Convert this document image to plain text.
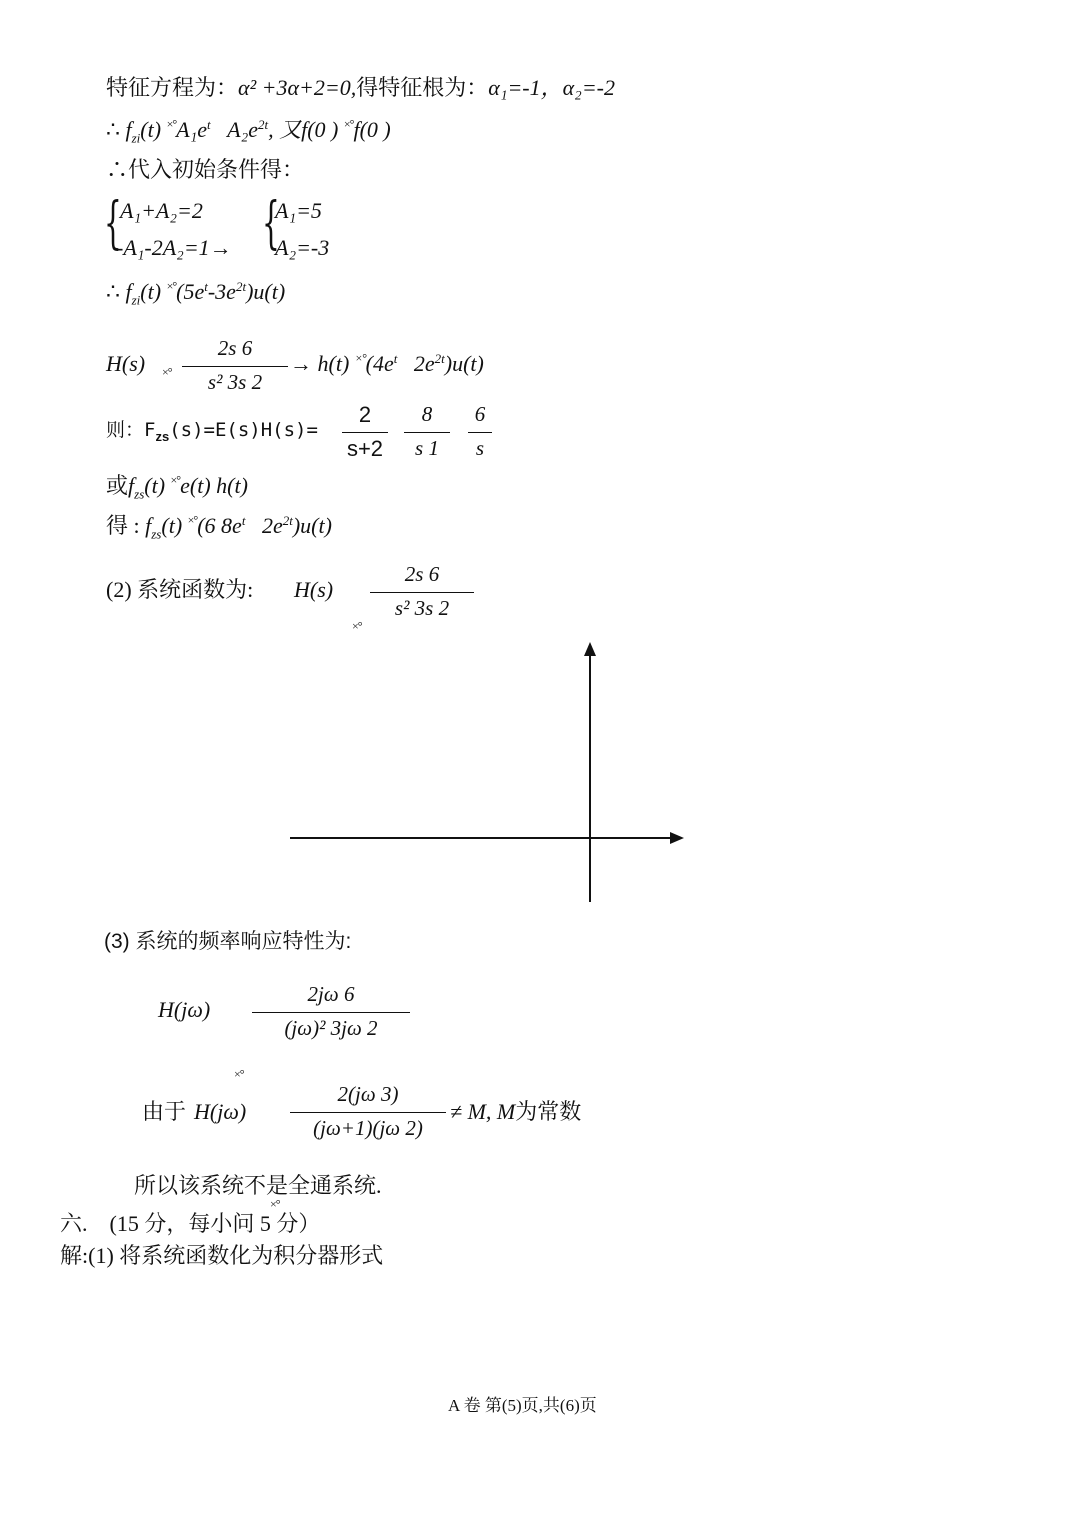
特征方程为：α² +3α+2=0,得特征根为：α₁=-1，α₂=-2
∴ $f_{zi}(t)$ $^{\times^\circ}A_1e^t$ $A_2e^{2t}$, 又f(0 ) ×°f(0 )
∴代入初始条件得：
{
A₁+A₂=2
-A₁-2A₂=1→ {
A₁=5
A₂=-3
∴ $f_{zi}(t)$ $^{\times^\circ}(5e^t-3e^{2t})u(t)$
H(s) ×°
2s 6
s² 3s 2
→ h(t) $^{\times^\circ}(4e^t$ $2e^{2t})u(t)$
则：$F_{zs}(s)=E(s)H(s)=$
2
s+2
8
s 1
6
s
或$f_{zs}(t)$ ×°e(t) h(t)
得 : $f_{zs}(t)$ ×°(6 $8e^t$ $2e^{2t})u(t)$
(2) 系统函数为: H(s)
×°
2s 6
s² 3s 2
(3) 系统的频率响应特性为:
H(jω)
×°
2jω 6
(jω)² 3jω 2
由于 H(jω)
×°
2(jω 3)
(jω+1)(jω 2)
≠ M, M为常数
所以该系统不是全通系统.
六. (15 分，每小问 5 分）
解:(1) 将系统函数化为积分器形式
A 卷 第(5)页,共(6)页
